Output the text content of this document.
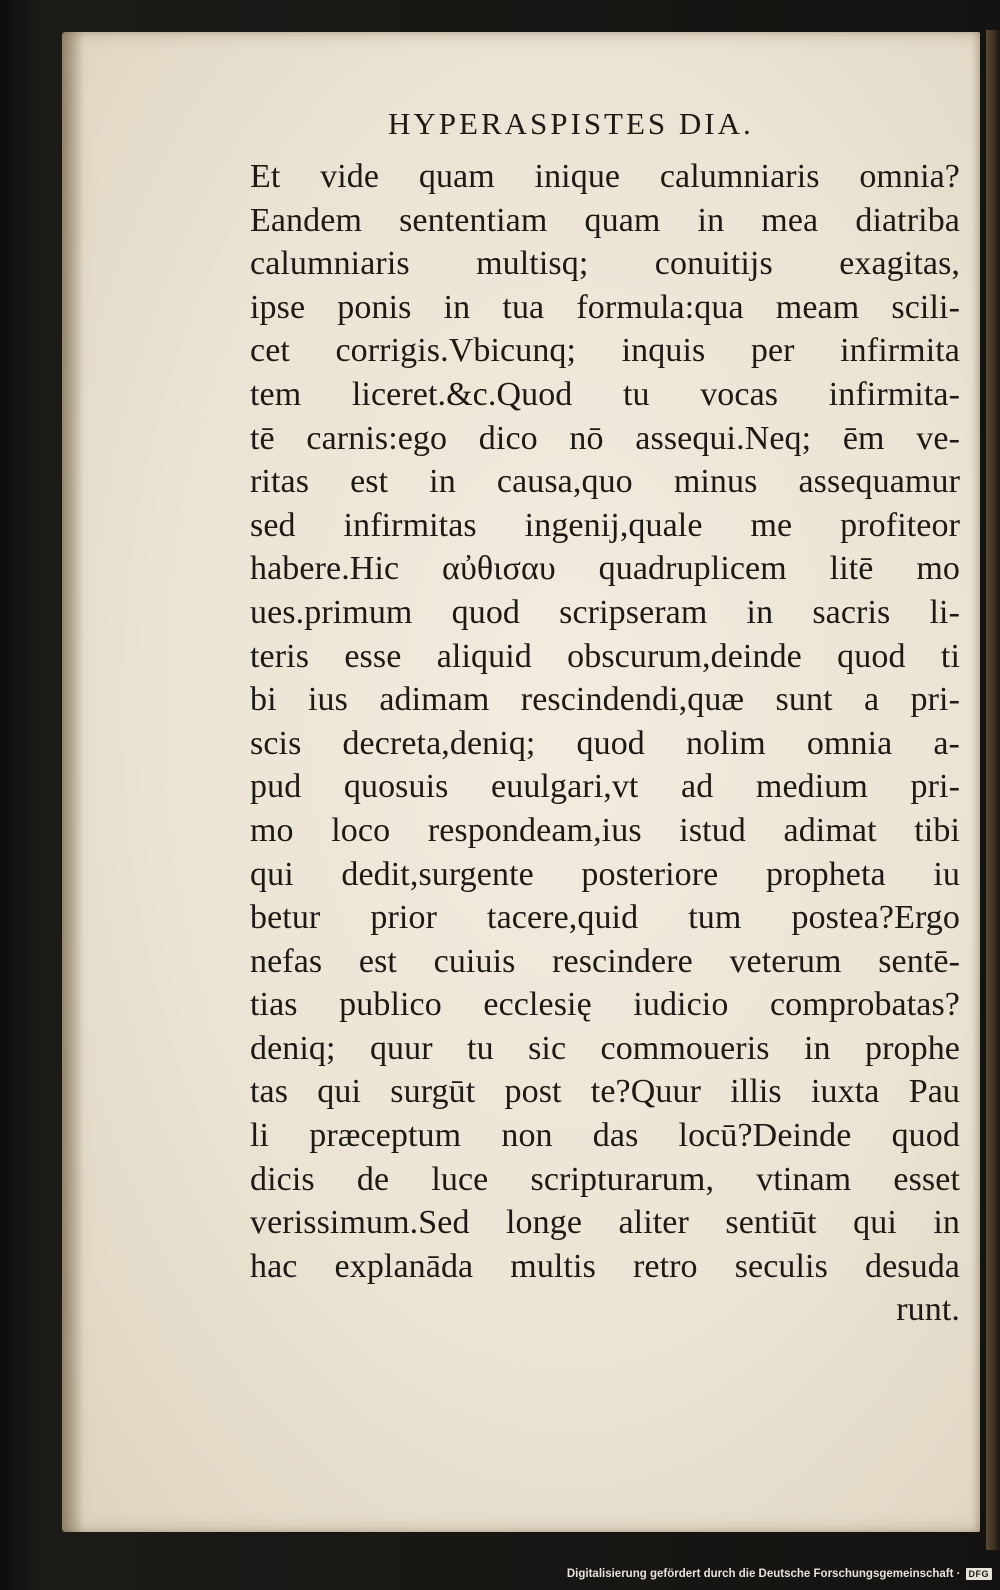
HYPERASPISTES DIA.
Et vide quam inique calumniaris omnia?
Eandem sententiam quam in mea diatriba
calumniaris multisq; conuitijs exagitas,
ipse ponis in tua formula:qua meam scili-
cet corrigis.Vbicunq; inquis per infirmita
tem liceret.&c.Quod tu vocas infirmita-
tē carnis:ego dico nō assequi.Neq; ēm ve-
ritas est in causa,quo minus assequamur
sed infirmitas ingenij,quale me profiteor
habere.Hic αὐθισαυ quadruplicem litē mo
ues.primum quod scripseram in sacris li-
teris esse aliquid obscurum,deinde quod ti
bi ius adimam rescindendi,quæ sunt a pri-
scis decreta,deniq; quod nolim omnia a-
pud quosuis euulgari,vt ad medium pri-
mo loco respondeam,ius istud adimat tibi
qui dedit,surgente posteriore propheta iu
betur prior tacere,quid tum postea?Ergo
nefas est cuiuis rescindere veterum sentē-
tias publico ecclesię iudicio comprobatas?
deniq; quur tu sic commoueris in prophe
tas qui surgūt post te?Quur illis iuxta Pau
li præceptum non das locū?Deinde quod
dicis de luce scripturarum, vtinam esset
verissimum.Sed longe aliter sentiūt qui in
hac explanāda multis retro seculis desuda
runt.
Digitalisierung gefördert durch die Deutsche Forschungsgemeinschaft · DFG
